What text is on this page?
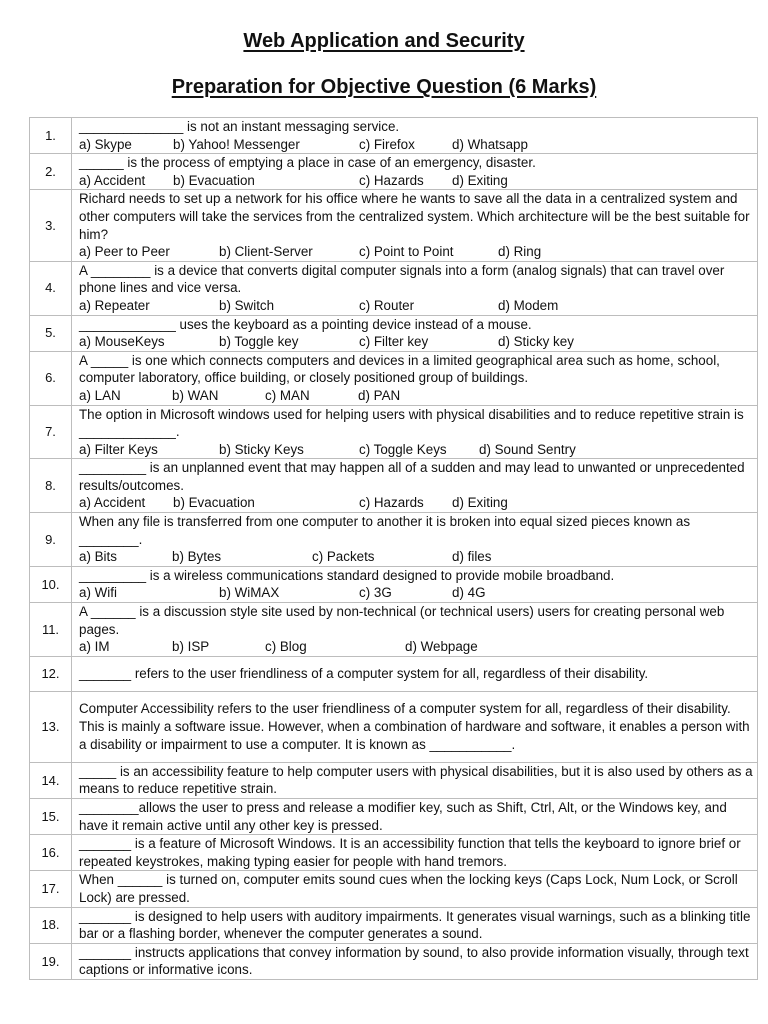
Web Application and Security
Preparation for Objective Question (6 Marks)
1.	______________ is not an instant messaging service.
a) Skype b) Yahoo! Messenger c) Firefox d) Whatsapp

2.	______ is the process of emptying a place in case of an emergency, disaster.
a) Accident b) Evacuation c) Hazards d) Exiting

3.	Richard needs to set up a network for his office where he wants to save all the data in a centralized system and other computers will take the services from the centralized system. Which architecture will be the best suitable for him?
a) Peer to Peer b) Client-Server c) Point to Point d) Ring

4.	A ________ is a device that converts digital computer signals into a form (analog signals) that can travel over phone lines and vice versa.
a) Repeater b) Switch c) Router d) Modem

5.	_____________ uses the keyboard as a pointing device instead of a mouse.
a) MouseKeys b) Toggle key c) Filter key d) Sticky key

6.	A _____ is one which connects computers and devices in a limited geographical area such as home, school, computer laboratory, office building, or closely positioned group of buildings.
a) LAN b) WAN c) MAN d) PAN

7.	The option in Microsoft windows used for helping users with physical disabilities and to reduce repetitive strain is _____________.
a) Filter Keys b) Sticky Keys c) Toggle Keys d) Sound Sentry

8.	_________ is an unplanned event that may happen all of a sudden and may lead to unwanted or unprecedented results/outcomes.
a) Accident b) Evacuation c) Hazards d) Exiting

9.	When any file is transferred from one computer to another it is broken into equal sized pieces known as ________.
a) Bits b) Bytes c) Packets d) files

10.	_________ is a wireless communications standard designed to provide mobile broadband.
a) Wifi b) WiMAX c) 3G d) 4G

11.	A ______ is a discussion style site used by non-technical (or technical users) users for creating personal web pages.
a) IM b) ISP c) Blog d) Webpage

12.	_______ refers to the user friendliness of a computer system for all, regardless of their disability.

13.	Computer Accessibility refers to the user friendliness of a computer system for all, regardless of their disability. This is mainly a software issue. However, when a combination of hardware and software, it enables a person with a disability or impairment to use a computer. It is known as ___________.

14.	_____ is an accessibility feature to help computer users with physical disabilities, but it is also used by others as a means to reduce repetitive strain.

15.	________allows the user to press and release a modifier key, such as Shift, Ctrl, Alt, or the Windows key, and have it remain active until any other key is pressed.

16.	_______ is a feature of Microsoft Windows. It is an accessibility function that tells the keyboard to ignore brief or repeated keystrokes, making typing easier for people with hand tremors.

17.	When ______ is turned on, computer emits sound cues when the locking keys (Caps Lock, Num Lock, or Scroll Lock) are pressed.

18.	_______ is designed to help users with auditory impairments. It generates visual warnings, such as a blinking title bar or a flashing border, whenever the computer generates a sound.

19.	_______ instructs applications that convey information by sound, to also provide information visually, through text captions or informative icons.
